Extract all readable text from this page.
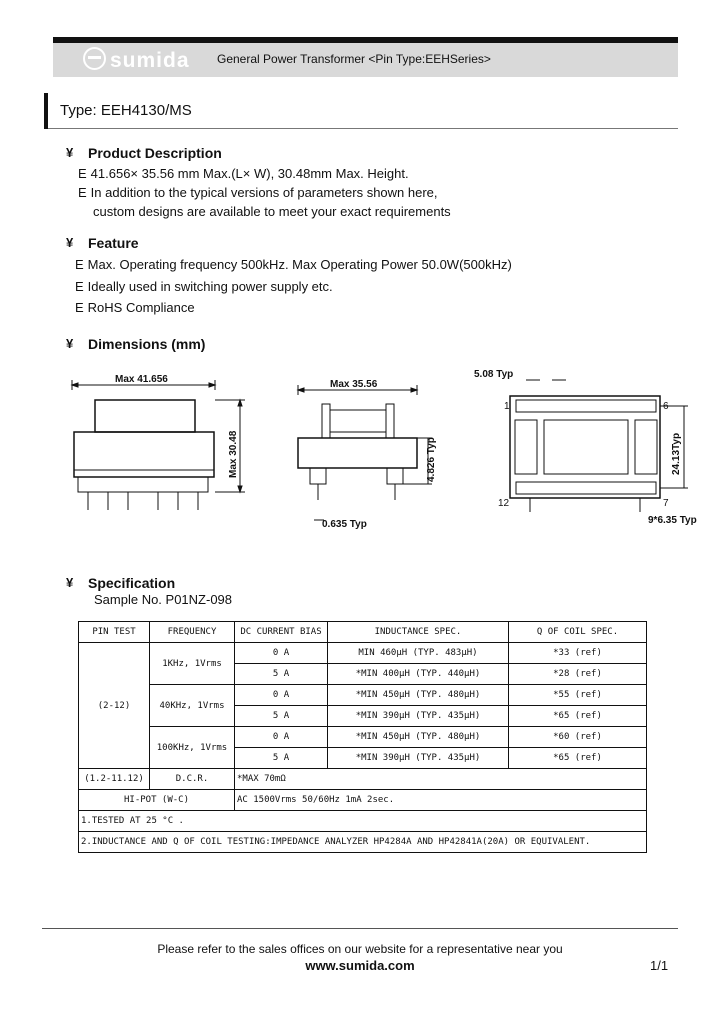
sumida General Power Transformer <Pin Type:EEHSeries>
Type: EEH4130/MS
¥ Product Description
E 41.656× 35.56 mm Max.(L× W), 30.48mm Max. Height.
E In addition to the typical versions of parameters shown here,
custom designs are available to meet your exact requirements
¥ Feature
E Max. Operating frequency 500kHz. Max Operating Power 50.0W(500kHz)
E Ideally used in switching power supply etc.
E RoHS Compliance
¥ Dimensions (mm)
Max 41.656
Max 30.48
Max 35.56
0.635 Typ
4.826 Typ
5.08 Typ
1	6
12	7
24.13Typ
9*6.35 Typ
¥ Specification
Sample No. P01NZ-098
PIN TEST	FREQUENCY	DC CURRENT BIAS	INDUCTANCE SPEC.	Q OF COIL SPEC.
(2-12)	1KHz, 1Vrms	0 A	MIN 460μH (TYP. 483μH)	*33 (ref)
		5 A	*MIN 400μH (TYP. 440μH)	*28 (ref)
	40KHz, 1Vrms	0 A	*MIN 450μH (TYP. 480μH)	*55 (ref)
		5 A	*MIN 390μH (TYP. 435μH)	*65 (ref)
	100KHz, 1Vrms	0 A	*MIN 450μH (TYP. 480μH)	*60 (ref)
		5 A	*MIN 390μH (TYP. 435μH)	*65 (ref)
(1.2-11.12)	D.C.R.	*MAX 70mΩ		
HI-POT (W-C)		AC 1500Vrms 50/60Hz 1mA 2sec.		
1.TESTED AT 25 °C .				
2.INDUCTANCE AND Q OF COIL TESTING:IMPEDANCE ANALYZER HP4284A AND HP42841A(20A) OR EQUIVALENT.				
Please refer to the sales offices on our website for a representative near you
www.sumida.com	1/1
